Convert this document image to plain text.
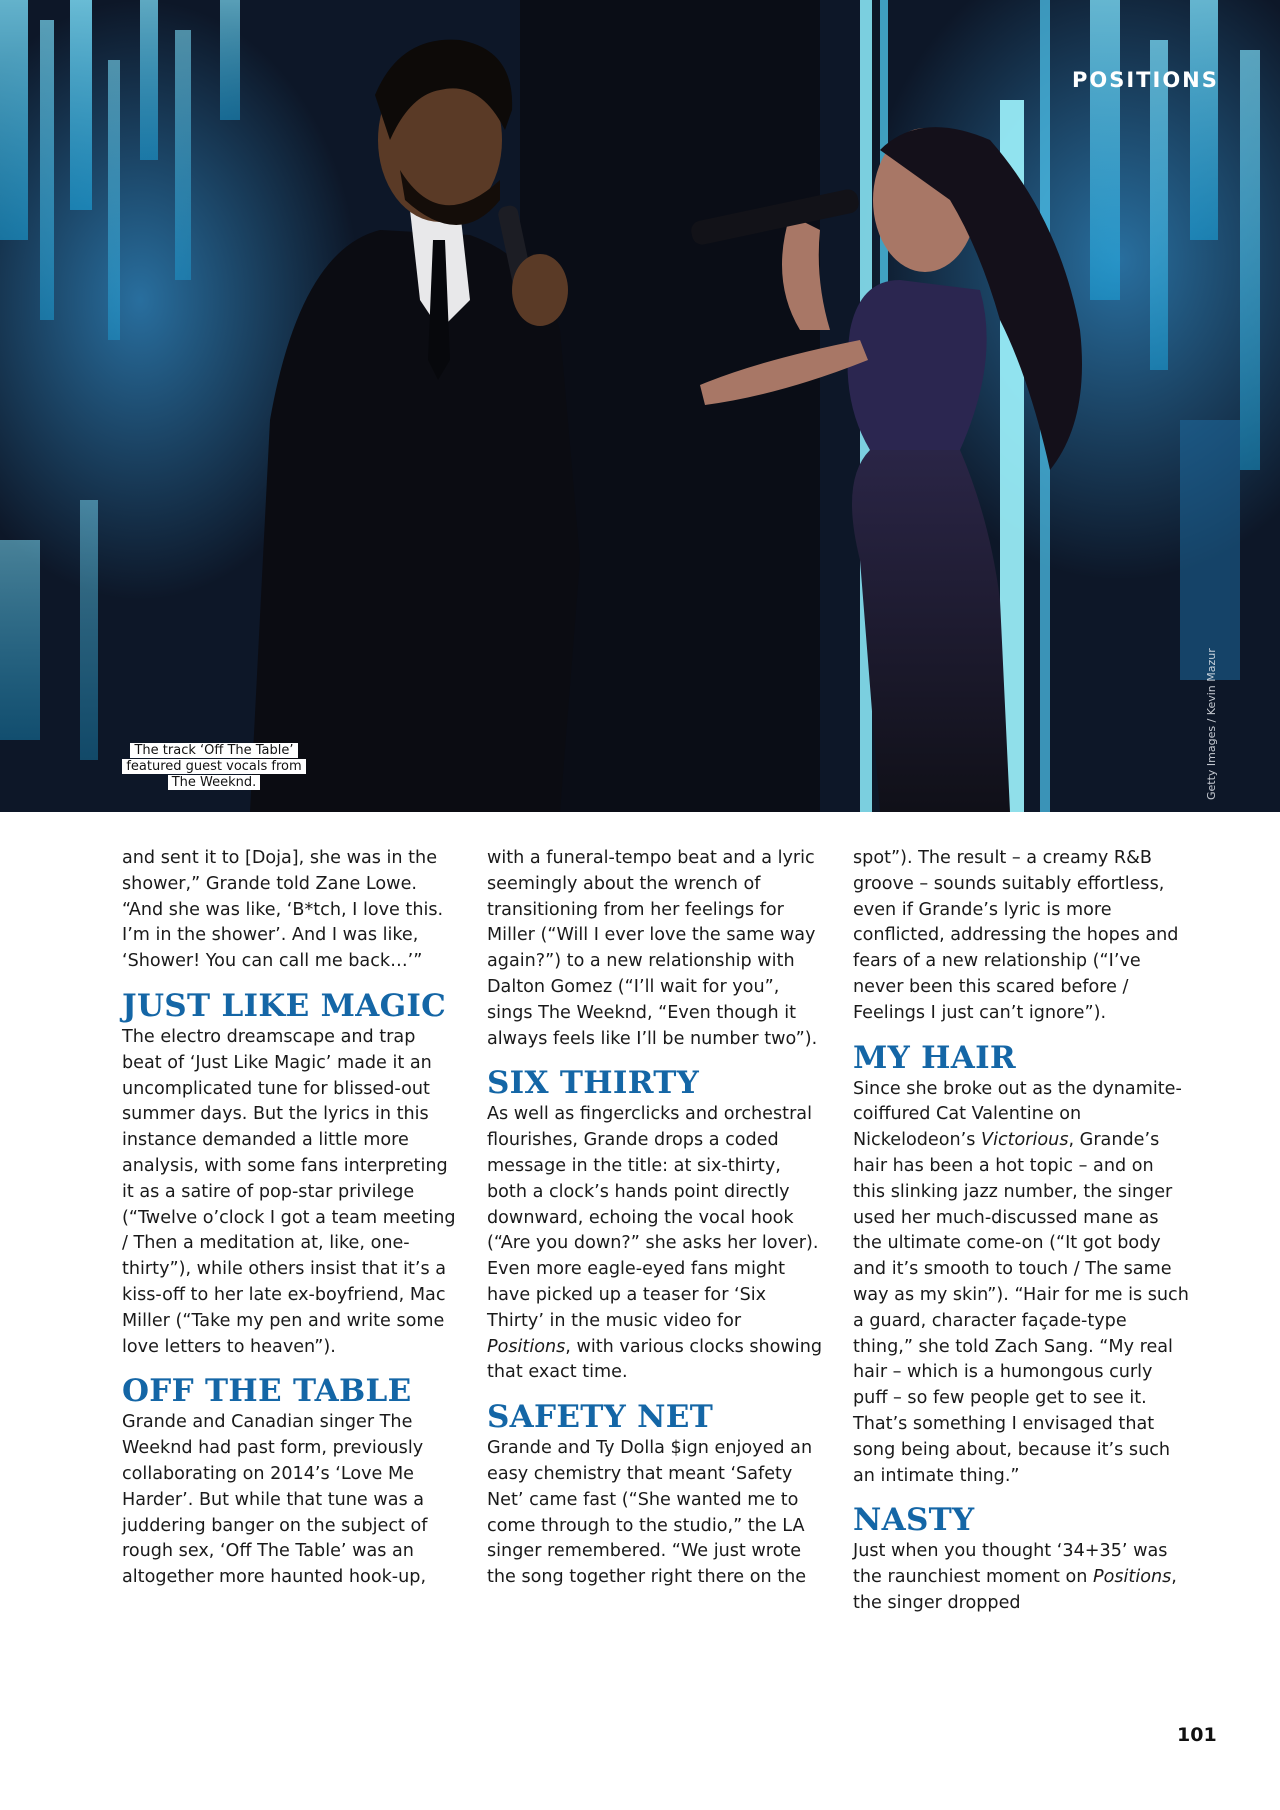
POSITIONS
The track ‘Off The Table’ featured guest vocals from The Weeknd.	Getty Images / Kevin Mazur

and sent it to [Doja], she was in the shower,” Grande told Zane Lowe. “And she was like, ‘B*tch, I love this. I’m in the shower’. And I was like, ‘Shower! You can call me back…’”

JUST LIKE MAGIC

The electro dreamscape and trap beat of ‘Just Like Magic’ made it an uncomplicated tune for blissed-out summer days. But the lyrics in this instance demanded a little more analysis, with some fans interpreting it as a satire of pop-star privilege (“Twelve o’clock I got a team meeting / Then a meditation at, like, one-thirty”), while others insist that it’s a kiss-off to her late ex-boyfriend, Mac Miller (“Take my pen and write some love letters to heaven”).

OFF THE TABLE

Grande and Canadian singer The Weeknd had past form, previously collaborating on 2014’s ‘Love Me Harder’. But while that tune was a juddering banger on the subject of rough sex, ‘Off The Table’ was an altogether more haunted hook-up,

with a funeral-tempo beat and a lyric seemingly about the wrench of transitioning from her feelings for Miller (“Will I ever love the same way again?”) to a new relationship with Dalton Gomez (“I’ll wait for you”, sings The Weeknd, “Even though it always feels like I’ll be number two”).

SIX THIRTY

As well as fingerclicks and orchestral flourishes, Grande drops a coded message in the title: at six-thirty, both a clock’s hands point directly downward, echoing the vocal hook (“Are you down?” she asks her lover). Even more eagle-eyed fans might have picked up a teaser for ‘Six Thirty’ in the music video for Positions, with various clocks showing that exact time.

SAFETY NET

Grande and Ty Dolla $ign enjoyed an easy chemistry that meant ‘Safety Net’ came fast (“She wanted me to come through to the studio,” the LA singer remembered. “We just wrote the song together right there on the

spot”). The result – a creamy R&B groove – sounds suitably effortless, even if Grande’s lyric is more conflicted, addressing the hopes and fears of a new relationship (“I’ve never been this scared before / Feelings I just can’t ignore”).

MY HAIR

Since she broke out as the dynamite-coiffured Cat Valentine on Nickelodeon’s Victorious, Grande’s hair has been a hot topic – and on this slinking jazz number, the singer used her much-discussed mane as the ultimate come-on (“It got body and it’s smooth to touch / The same way as my skin”). “Hair for me is such a guard, character façade-type thing,” she told Zach Sang. “My real hair – which is a humongous curly puff – so few people get to see it. That’s something I envisaged that song being about, because it’s such an intimate thing.”

NASTY

Just when you thought ‘34+35’ was the raunchiest moment on Positions, the singer dropped

101
